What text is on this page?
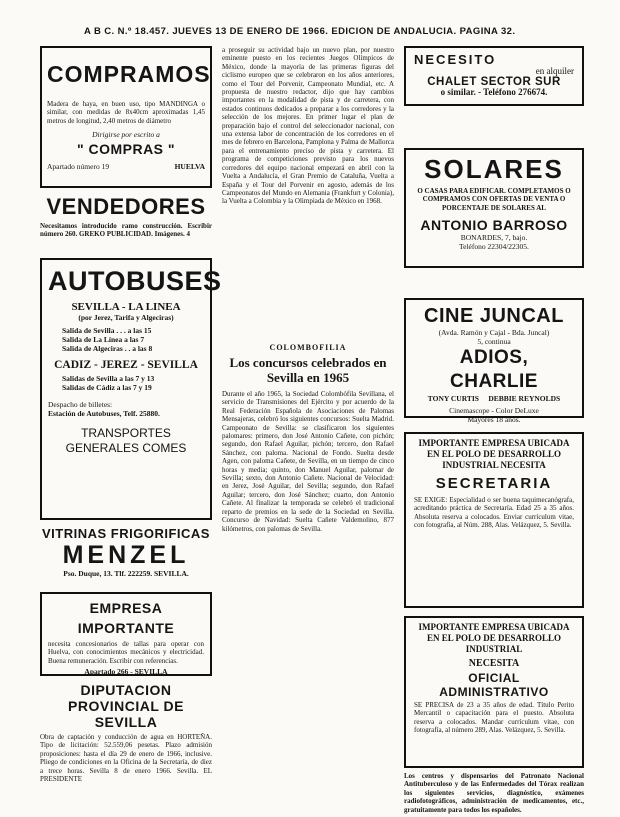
A B C. N.º 18.457. JUEVES 13 DE ENERO DE 1966. EDICION DE ANDALUCIA. PAGINA 32.
COMPRAMOS

Madera de haya, en buen uso, tipo MANDINGA o similar, con medidas de 8x40cm aproximadas 1,45 metros de longitud, 2,40 metros de diámetro

Dirigirse por escrito a

" COMPRAS "
Apartado número 19	HUELVA
VENDEDORES

Necesitamos introducido ramo construcción. Escribir número 260. GREKO PUBLICIDAD. Imágenes. 4

AUTOBUSES
SEVILLA - LA LINEA
(por Jerez, Tarifa y Algeciras)

Salida de Sevilla . . . a las 15

Salida de La Línea a las 7

Salida de Algeciras . . a las 8

CADIZ - JEREZ - SEVILLA

Salidas de Sevilla a las 7 y 13

Salidas de Cádiz a las 7 y 19

Despacho de billetes:

Estación de Autobuses, Telf. 25880.

TRANSPORTES GENERALES COMES
VITRINAS FRIGORIFICAS
MENZEL

Pso. Duque, 13. Tlf. 222259. SEVILLA.

EMPRESA IMPORTANTE

necesita concesionarios de tallas para operar con Huelva, con conocimientos mecánicos y electricidad. Buena remuneración. Escribir con referencias.

Apartado 266 - SEVILLA

DIPUTACION PROVINCIAL DE SEVILLA

Obra de captación y conducción de agua en HORTEÑA. Tipo de licitación: 52.559,06 pesetas. Plazo admisión proposiciones: hasta el día 29 de enero de 1966, inclusive. Pliego de condiciones en la Oficina de la Secretaría, de diez a trece horas. Sevilla 8 de enero 1966. Sevilla. EL PRESIDENTE

a proseguir su actividad bajo un nuevo plan, por nuestro eminente puesto en los recientes Juegos Olímpicos de México, donde la mayoría de las primeras figuras del ciclismo europeo que se celebraron en los años anteriores, como el Tour del Porvenir, Campeonato Mundial, etc. A propuesta de nuestro redactor, dijo que hay cambios importantes en la modalidad de pista y de carretera, con estados continuos dedicados a preparar a los corredores y la selección de los mejores. En primer lugar el plan de preparación bajo el control del seleccionador nacional, con una extensa labor de concentración de los corredores en el mes de febrero en Barcelona, Pamplona y Palma de Mallorca para el entrenamiento preciso de pista y carretera. El programa de competiciones previsto para los nuevos corredores del equipo nacional empezará en abril con la Vuelta a Andalucía, el Gran Premio de Cataluña, Vuelta a España y el Tour del Porvenir en agosto, además de los Campeonatos del Mundo en Alemania (Frankfurt y Colonia), la Vuelta a Colombia y la Olimpiada de México en 1968.

COLOMBOFILIA
Los concursos celebrados en Sevilla en 1965

Durante el año 1965, la Sociedad Colombófila Sevillana, el servicio de Transmisiones del Ejército y por acuerdo de la Real Federación Española de Asociaciones de Palomas Mensajeras, celebró los siguientes concursos: Suelta Madrid. Campeonato de Sevilla: se clasificaron los siguientes palomares: primero, don José Antonio Cañete, con pichón; segundo, don Rafael Aguilar, pichón; tercero, don Rafael Sánchez, con paloma. Nacional de Fondo. Suelta desde Agen, con paloma Cañete, de Sevilla, en un tiempo de cinco horas y media; quinto, don Manuel Aguilar, palomar de Sevilla; sexto, don Antonio Cañete. Nacional de Velocidad: en Jerez, José Aguilar, del Sevilla; segundo, don Rafael Aguilar; tercero, don José Sánchez; cuarto, don Antonio Cañete. Al finalizar la temporada se celebró el tradicional reparto de premios en la sede de la Sociedad en Sevilla. Concurso de Navidad: Suelta Cañete Valdemolino, 877 kilómetros, con palomas de Sevilla.

NECESITO
en alquiler
CHALET SECTOR SUR
o similar. - Teléfono 276674.
SOLARES

O CASAS PARA EDIFICAR. COMPLETAMOS O COMPRAMOS CON OFERTAS DE VENTA O PORCENTAJE DE SOLARES AL

ANTONIO BARROSO

BONARDES, 7, bajo.

Teléfono 22304/22305.

CINE JUNCAL

(Avda. Ramón y Cajal - Bda. Juncal)

5, continua

ADIOS, CHARLIE

TONY CURTIS     DEBBIE REYNOLDS

Cinemascope - Color DeLuxe

Mayores 18 años.

IMPORTANTE EMPRESA UBICADA EN EL POLO DE DESARROLLO INDUSTRIAL NECESITA

SECRETARIA

SE EXIGE: Especialidad o ser buena taquimecanógrafa, acreditando práctica de Secretaría. Edad 25 a 35 años. Absoluta reserva a colocados. Enviar currículum vitae, con fotografía, al Núm. 288, Alas. Velázquez, 5. Sevilla.

IMPORTANTE EMPRESA UBICADA EN EL POLO DE DESARROLLO INDUSTRIAL

NECESITA
OFICIAL ADMINISTRATIVO

SE PRECISA de 23 a 35 años de edad. Título Perito Mercantil o capacitación para el puesto. Absoluta reserva a colocados. Mandar currículum vitae, con fotografía, al número 289, Alas. Velázquez, 5. Sevilla.

Los centros y dispensarios del Patronato Nacional Antituberculoso y de las Enfermedades del Tórax realizan los siguientes servicios, diagnóstico, exámenes radiofotográficos, administración de medicamentos, etc., gratuitamente para todos los españoles.
